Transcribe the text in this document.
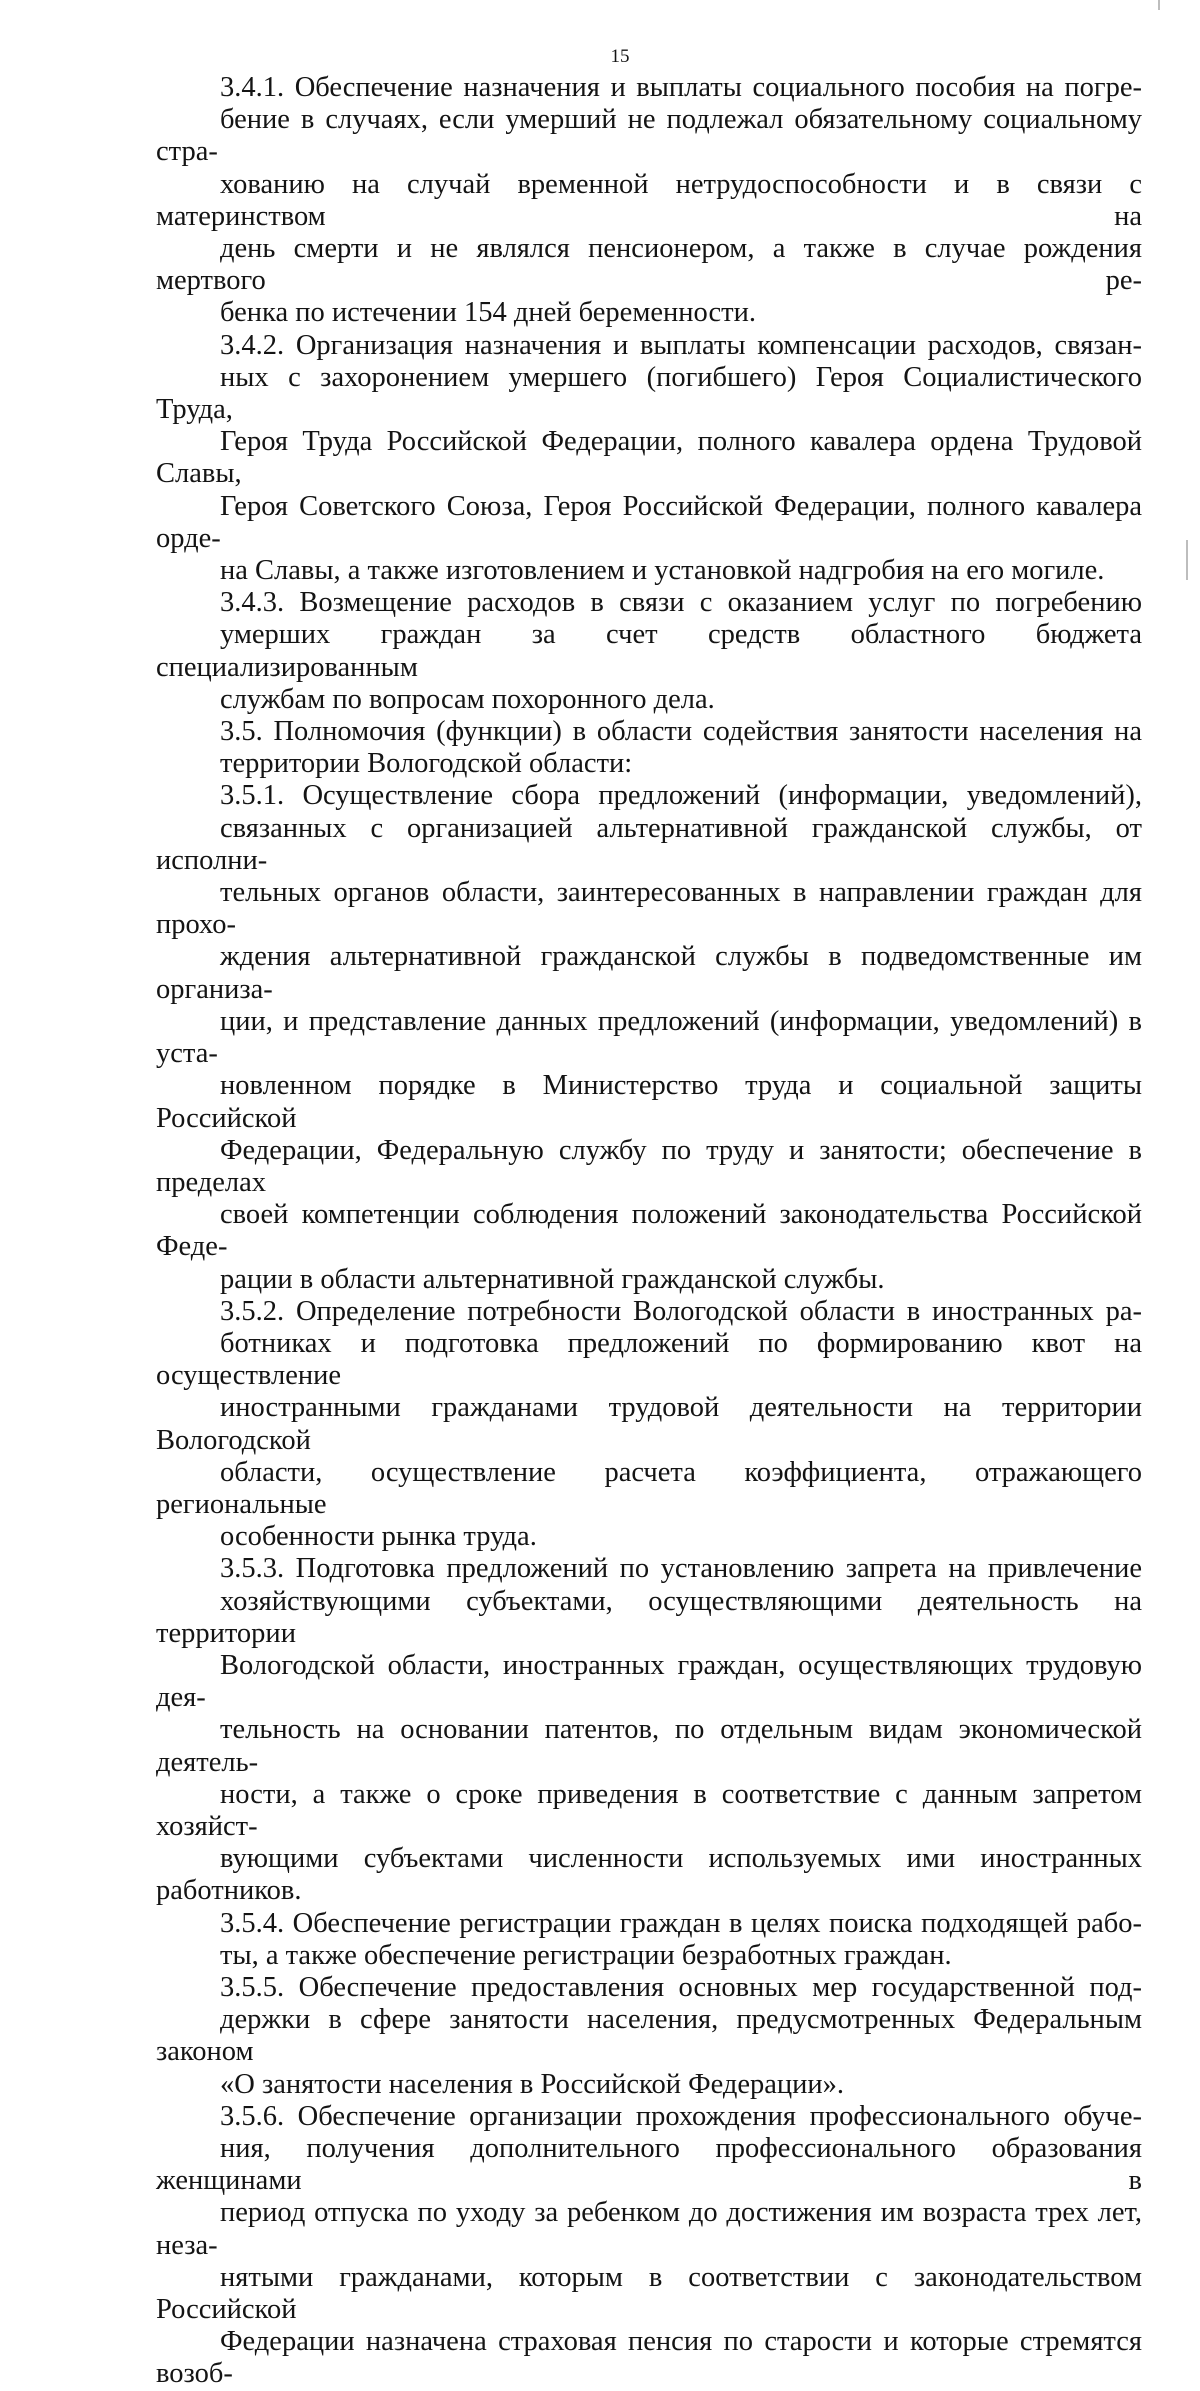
15

3.4.1. Обеспечение назначения и выплаты социального пособия на погре-
бение в случаях, если умерший не подлежал обязательному социальному стра-
хованию на случай временной нетрудоспособности и в связи с материнством на
день смерти и не являлся пенсионером, а также в случае рождения мертвого ре-
бенка по истечении 154 дней беременности.

3.4.2. Организация назначения и выплаты компенсации расходов, связан-
ных с захоронением умершего (погибшего) Героя Социалистического Труда,
Героя Труда Российской Федерации, полного кавалера ордена Трудовой Славы,
Героя Советского Союза, Героя Российской Федерации, полного кавалера орде-
на Славы, а также изготовлением и установкой надгробия на его могиле.

3.4.3. Возмещение расходов в связи с оказанием услуг по погребению
умерших граждан за счет средств областного бюджета специализированным
службам по вопросам похоронного дела.

3.5. Полномочия (функции) в области содействия занятости населения на
территории Вологодской области:

3.5.1. Осуществление сбора предложений (информации, уведомлений),
связанных с организацией альтернативной гражданской службы, от исполни-
тельных органов области, заинтересованных в направлении граждан для прохо-
ждения альтернативной гражданской службы в подведомственные им организа-
ции, и представление данных предложений (информации, уведомлений) в уста-
новленном порядке в Министерство труда и социальной защиты Российской
Федерации, Федеральную службу по труду и занятости; обеспечение в пределах
своей компетенции соблюдения положений законодательства Российской Феде-
рации в области альтернативной гражданской службы.

3.5.2. Определение потребности Вологодской области в иностранных ра-
ботниках и подготовка предложений по формированию квот на осуществление
иностранными гражданами трудовой деятельности на территории Вологодской
области, осуществление расчета коэффициента, отражающего региональные
особенности рынка труда.

3.5.3. Подготовка предложений по установлению запрета на привлечение
хозяйствующими субъектами, осуществляющими деятельность на территории
Вологодской области, иностранных граждан, осуществляющих трудовую дея-
тельность на основании патентов, по отдельным видам экономической деятель-
ности, а также о сроке приведения в соответствие с данным запретом хозяйст-
вующими субъектами численности используемых ими иностранных работников.

3.5.4. Обеспечение регистрации граждан в целях поиска подходящей рабо-
ты, а также обеспечение регистрации безработных граждан.

3.5.5. Обеспечение предоставления основных мер государственной под-
держки в сфере занятости населения, предусмотренных Федеральным законом
«О занятости населения в Российской Федерации».

3.5.6. Обеспечение организации прохождения профессионального обуче-
ния, получения дополнительного профессионального образования женщинами в
период отпуска по уходу за ребенком до достижения им возраста трех лет, неза-
нятыми гражданами, которым в соответствии с законодательством Российской
Федерации назначена страховая пенсия по старости и которые стремятся возоб-
